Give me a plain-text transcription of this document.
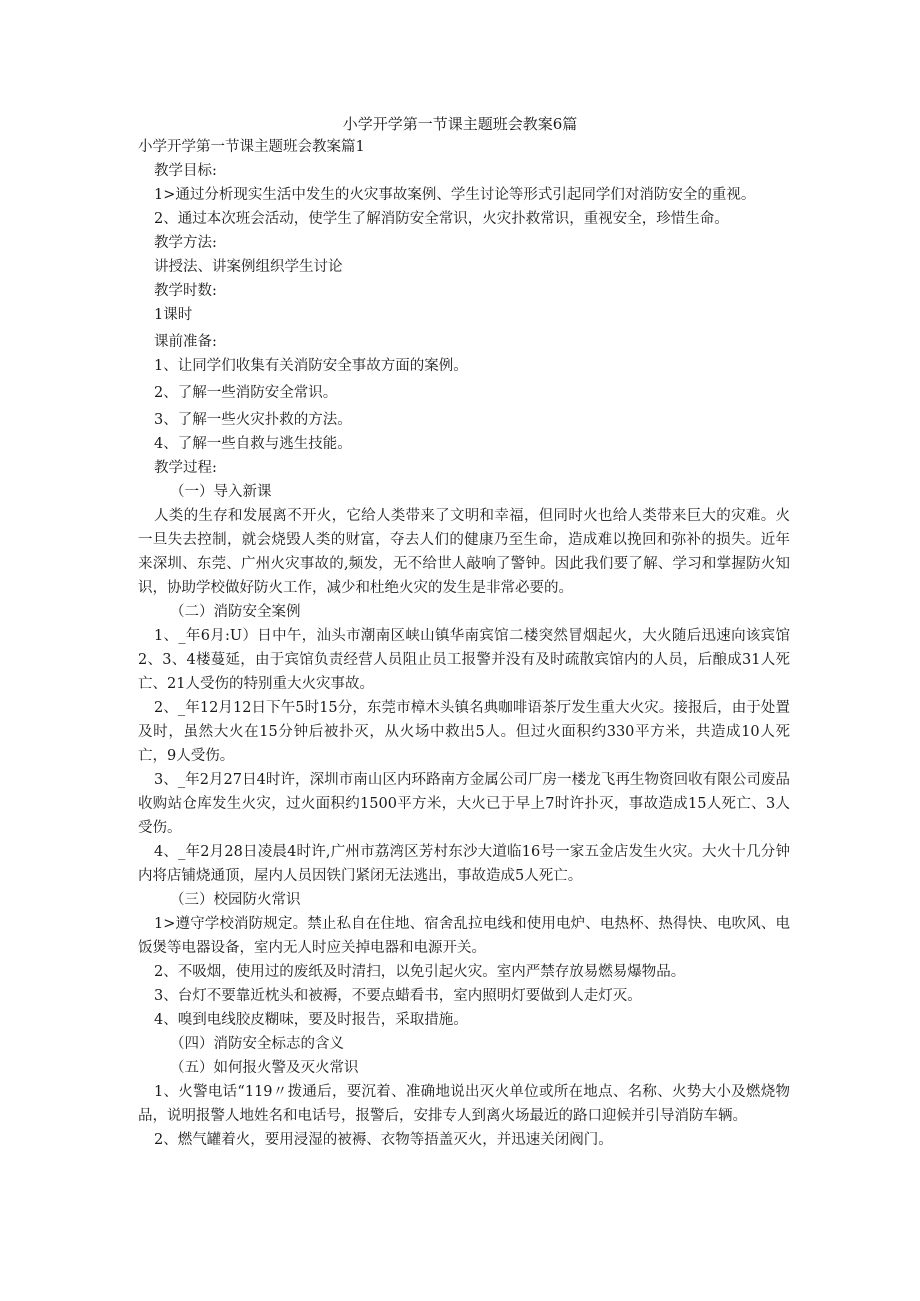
小学开学第一节课主题班会教案6篇
小学开学第一节课主题班会教案篇1
教学目标:
1>通过分析现实生活中发生的火灾事故案例、学生讨论等形式引起同学们对消防安全的重视。
2、通过本次班会活动，使学生了解消防安全常识，火灾扑救常识，重视安全，珍惜生命。
教学方法:
讲授法、讲案例组织学生讨论
教学时数:
1课时
课前准备:
1、让同学们收集有关消防安全事故方面的案例。
2、了解一些消防安全常识。
3、了解一些火灾扑救的方法。
4、了解一些自救与逃生技能。
教学过程:
（一）导入新课
人类的生存和发展离不开火，它给人类带来了文明和幸福，但同时火也给人类带来巨大的灾难。火一旦失去控制，就会烧毁人类的财富，夺去人们的健康乃至生命，造成难以挽回和弥补的损失。近年来深圳、东莞、广州火灾事故的,频发，无不给世人敲响了警钟。因此我们要了解、学习和掌握防火知识，协助学校做好防火工作，减少和杜绝火灾的发生是非常必要的。
（二）消防安全案例
1、_年6月:U）日中午，汕头市潮南区峡山镇华南宾馆二楼突然冒烟起火，大火随后迅速向该宾馆2、3、4楼蔓延，由于宾馆负责经营人员阻止员工报警并没有及时疏散宾馆内的人员，后酿成31人死亡、21人受伤的特别重大火灾事故。
2、_年12月12日下午5时15分，东莞市樟木头镇名典咖啡语茶厅发生重大火灾。接报后，由于处置及时，虽然大火在15分钟后被扑灭，从火场中救出5人。但过火面积约330平方米，共造成10人死亡，9人受伤。
3、_年2月27日4时许，深圳市南山区内环路南方金属公司厂房一楼龙飞再生物资回收有限公司废品收购站仓库发生火灾，过火面积约1500平方米，大火已于早上7时许扑灭，事故造成15人死亡、3人受伤。
4、_年2月28日凌晨4时许,广州市荔湾区芳村东沙大道临16号一家五金店发生火灾。大火十几分钟内将店铺烧通顶，屋内人员因铁门紧闭无法逃出，事故造成5人死亡。
（三）校园防火常识
1>遵守学校消防规定。禁止私自在住地、宿舍乱拉电线和使用电炉、电热杯、热得快、电吹风、电饭煲等电器设备，室内无人时应关掉电器和电源开关。
2、不吸烟，使用过的废纸及时清扫，以免引起火灾。室内严禁存放易燃易爆物品。
3、台灯不要靠近枕头和被褥，不要点蜡看书，室内照明灯要做到人走灯灭。
4、嗅到电线胶皮糊味，要及时报告，采取措施。
（四）消防安全标志的含义
（五）如何报火警及灭火常识
1、火警电话“119〃拨通后，要沉着、准确地说出灭火单位或所在地点、名称、火势大小及燃烧物品，说明报警人地姓名和电话号，报警后，安排专人到离火场最近的路口迎候并引导消防车辆。
2、燃气罐着火，要用浸湿的被褥、衣物等捂盖灭火，并迅速关闭阀门。
